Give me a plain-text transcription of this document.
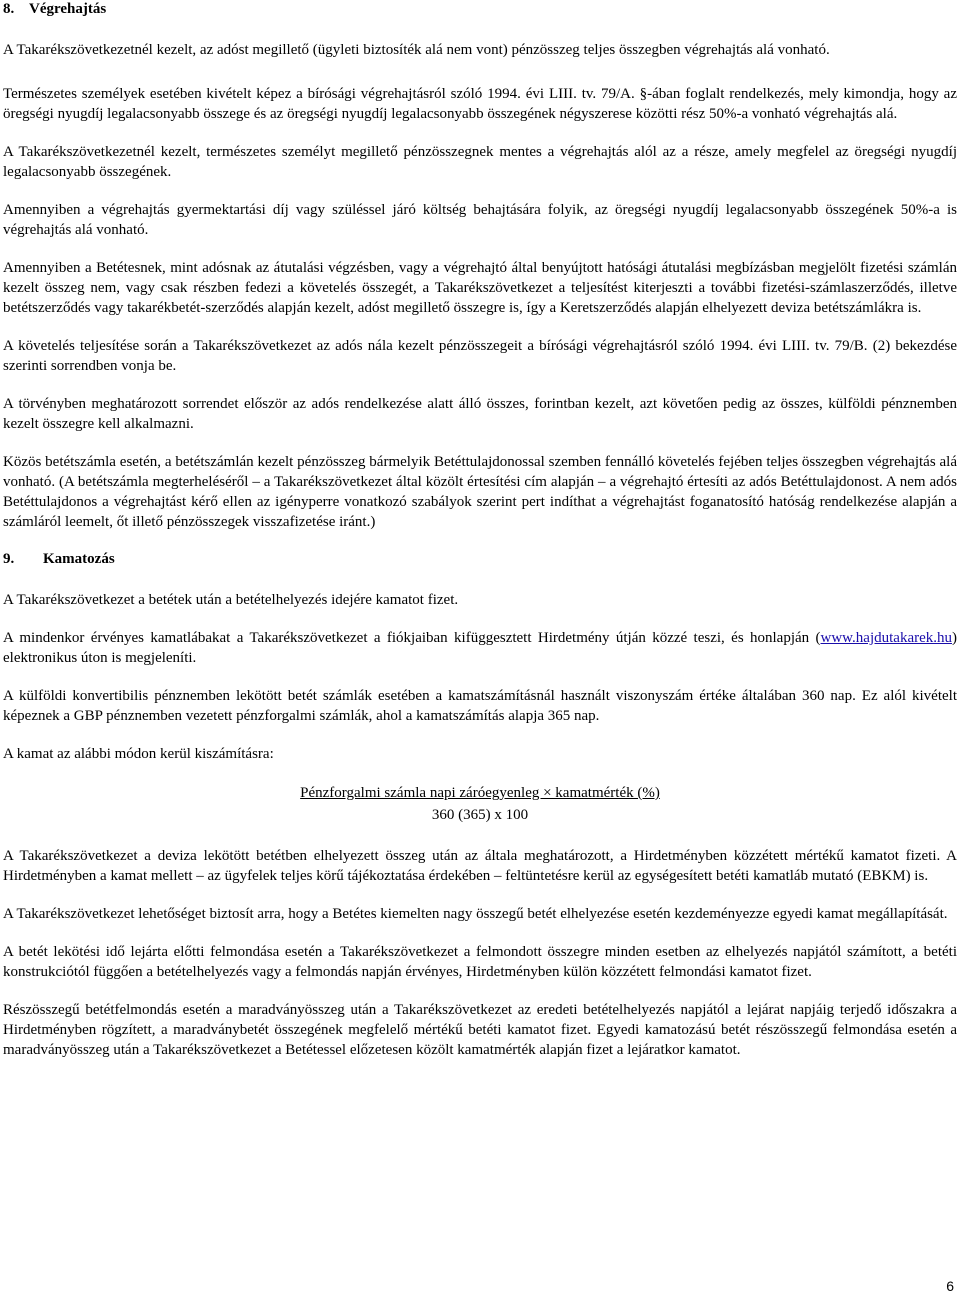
8. Végrehajtás

A Takarékszövetkezetnél kezelt, az adóst megillető (ügyleti biztosíték alá nem vont) pénzösszeg teljes összegben végrehajtás alá vonható.

Természetes személyek esetében kivételt képez a bírósági végrehajtásról szóló 1994. évi LIII. tv. 79/A. §-ában foglalt rendelkezés, mely kimondja, hogy az öregségi nyugdíj legalacsonyabb összege és az öregségi nyugdíj legalacsonyabb összegének négyszerese közötti rész 50%-a vonható végrehajtás alá.

A Takarékszövetkezetnél kezelt, természetes személyt megillető pénzösszegnek mentes a végrehajtás alól az a része, amely megfelel az öregségi nyugdíj legalacsonyabb összegének.

Amennyiben a végrehajtás gyermektartási díj vagy szüléssel járó költség behajtására folyik, az öregségi nyugdíj legalacsonyabb összegének 50%-a is végrehajtás alá vonható.

Amennyiben a Betétesnek, mint adósnak az átutalási végzésben, vagy a végrehajtó által benyújtott hatósági átutalási megbízásban megjelölt fizetési számlán kezelt összeg nem, vagy csak részben fedezi a követelés összegét, a Takarékszövetkezet a teljesítést kiterjeszti a további fizetési-számlaszerződés, illetve betétszerződés vagy takarékbetét-szerződés alapján kezelt, adóst megillető összegre is, így a Keretszerződés alapján elhelyezett deviza betétszámlákra is.

A követelés teljesítése során a Takarékszövetkezet az adós nála kezelt pénzösszegeit a bírósági végrehajtásról szóló 1994. évi LIII. tv. 79/B. (2) bekezdése szerinti sorrendben vonja be.

A törvényben meghatározott sorrendet először az adós rendelkezése alatt álló összes, forintban kezelt, azt követően pedig az összes, külföldi pénznemben kezelt összegre kell alkalmazni.

Közös betétszámla esetén, a betétszámlán kezelt pénzösszeg bármelyik Betéttulajdonossal szemben fennálló követelés fejében teljes összegben végrehajtás alá vonható. (A betétszámla megterheléséről – a Takarékszövetkezet által közölt értesítési cím alapján – a végrehajtó értesíti az adós Betéttulajdonost. A nem adós Betéttulajdonos a végrehajtást kérő ellen az igényperre vonatkozó szabályok szerint pert indíthat a végrehajtást foganatosító hatóság rendelkezése alapján a számláról leemelt, őt illető pénzösszegek visszafizetése iránt.)

9. Kamatozás

A Takarékszövetkezet a betétek után a betételhelyezés idejére kamatot fizet.

A mindenkor érvényes kamatlábakat a Takarékszövetkezet a fiókjaiban kifüggesztett Hirdetmény útján közzé teszi, és honlapján (www.hajdutakarek.hu) elektronikus úton is megjeleníti.

A külföldi konvertibilis pénznemben lekötött betét számlák esetében a kamatszámításnál használt viszonyszám értéke általában 360 nap. Ez alól kivételt képeznek a GBP pénznemben vezetett pénzforgalmi számlák, ahol a kamatszámítás alapja 365 nap.

A kamat az alábbi módon kerül kiszámításra:

Pénzforgalmi számla napi záróegyenleg × kamatmérték (%)
360 (365) x 100

A Takarékszövetkezet a deviza lekötött betétben elhelyezett összeg után az általa meghatározott, a Hirdetményben közzétett mértékű kamatot fizeti. A Hirdetményben a kamat mellett – az ügyfelek teljes körű tájékoztatása érdekében – feltüntetésre kerül az egységesített betéti kamatláb mutató (EBKM) is.

A Takarékszövetkezet lehetőséget biztosít arra, hogy a Betétes kiemelten nagy összegű betét elhelyezése esetén kezdeményezze egyedi kamat megállapítását.

A betét lekötési idő lejárta előtti felmondása esetén a Takarékszövetkezet a felmondott összegre minden esetben az elhelyezés napjától számított, a betéti konstrukciótól függően a betételhelyezés vagy a felmondás napján érvényes, Hirdetményben külön közzétett felmondási kamatot fizet.

Részösszegű betétfelmondás esetén a maradványösszeg után a Takarékszövetkezet az eredeti betételhelyezés napjától a lejárat napjáig terjedő időszakra a Hirdetményben rögzített, a maradványbetét összegének megfelelő mértékű betéti kamatot fizet. Egyedi kamatozású betét részösszegű felmondása esetén a maradványösszeg után a Takarékszövetkezet a Betétessel előzetesen közölt kamatmérték alapján fizet a lejáratkor kamatot.

6
